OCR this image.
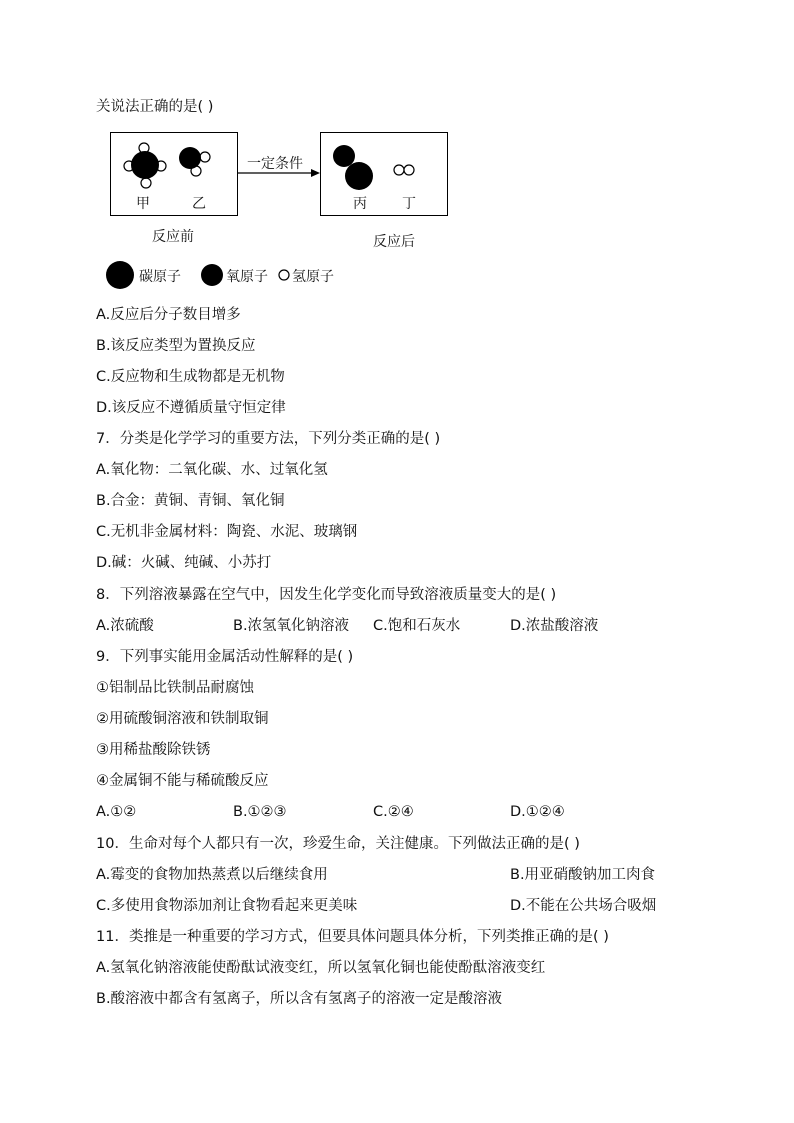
关说法正确的是( )
甲	乙	丙	丁
一定条件
反应前	反应后
碳原子	氧原子 氢原子
A.反应后分子数目增多
B.该反应类型为置换反应
C.反应物和生成物都是无机物
D.该反应不遵循质量守恒定律
7．分类是化学学习的重要方法，下列分类正确的是( )
A.氧化物：二氧化碳、水、过氧化氢
B.合金：黄铜、青铜、氧化铜
C.无机非金属材料：陶瓷、水泥、玻璃钢
D.碱：火碱、纯碱、小苏打
8．下列溶液暴露在空气中，因发生化学变化而导致溶液质量变大的是( )
A.浓硫酸	B.浓氢氧化钠溶液 C.饱和石灰水	D.浓盐酸溶液
9．下列事实能用金属活动性解释的是( )
①铝制品比铁制品耐腐蚀
②用硫酸铜溶液和铁制取铜
③用稀盐酸除铁锈
④金属铜不能与稀硫酸反应
A.①②	B.①②③	C.②④	D.①②④
10．生命对每个人都只有一次，珍爱生命，关注健康。下列做法正确的是( )
A.霉变的食物加热蒸煮以后继续食用	B.用亚硝酸钠加工肉食
C.多使用食物添加剂让食物看起来更美味	D.不能在公共场合吸烟
11．类推是一种重要的学习方式，但要具体问题具体分析，下列类推正确的是( )
A.氢氧化钠溶液能使酚酞试液变红，所以氢氧化铜也能使酚酞溶液变红
B.酸溶液中都含有氢离子，所以含有氢离子的溶液一定是酸溶液
